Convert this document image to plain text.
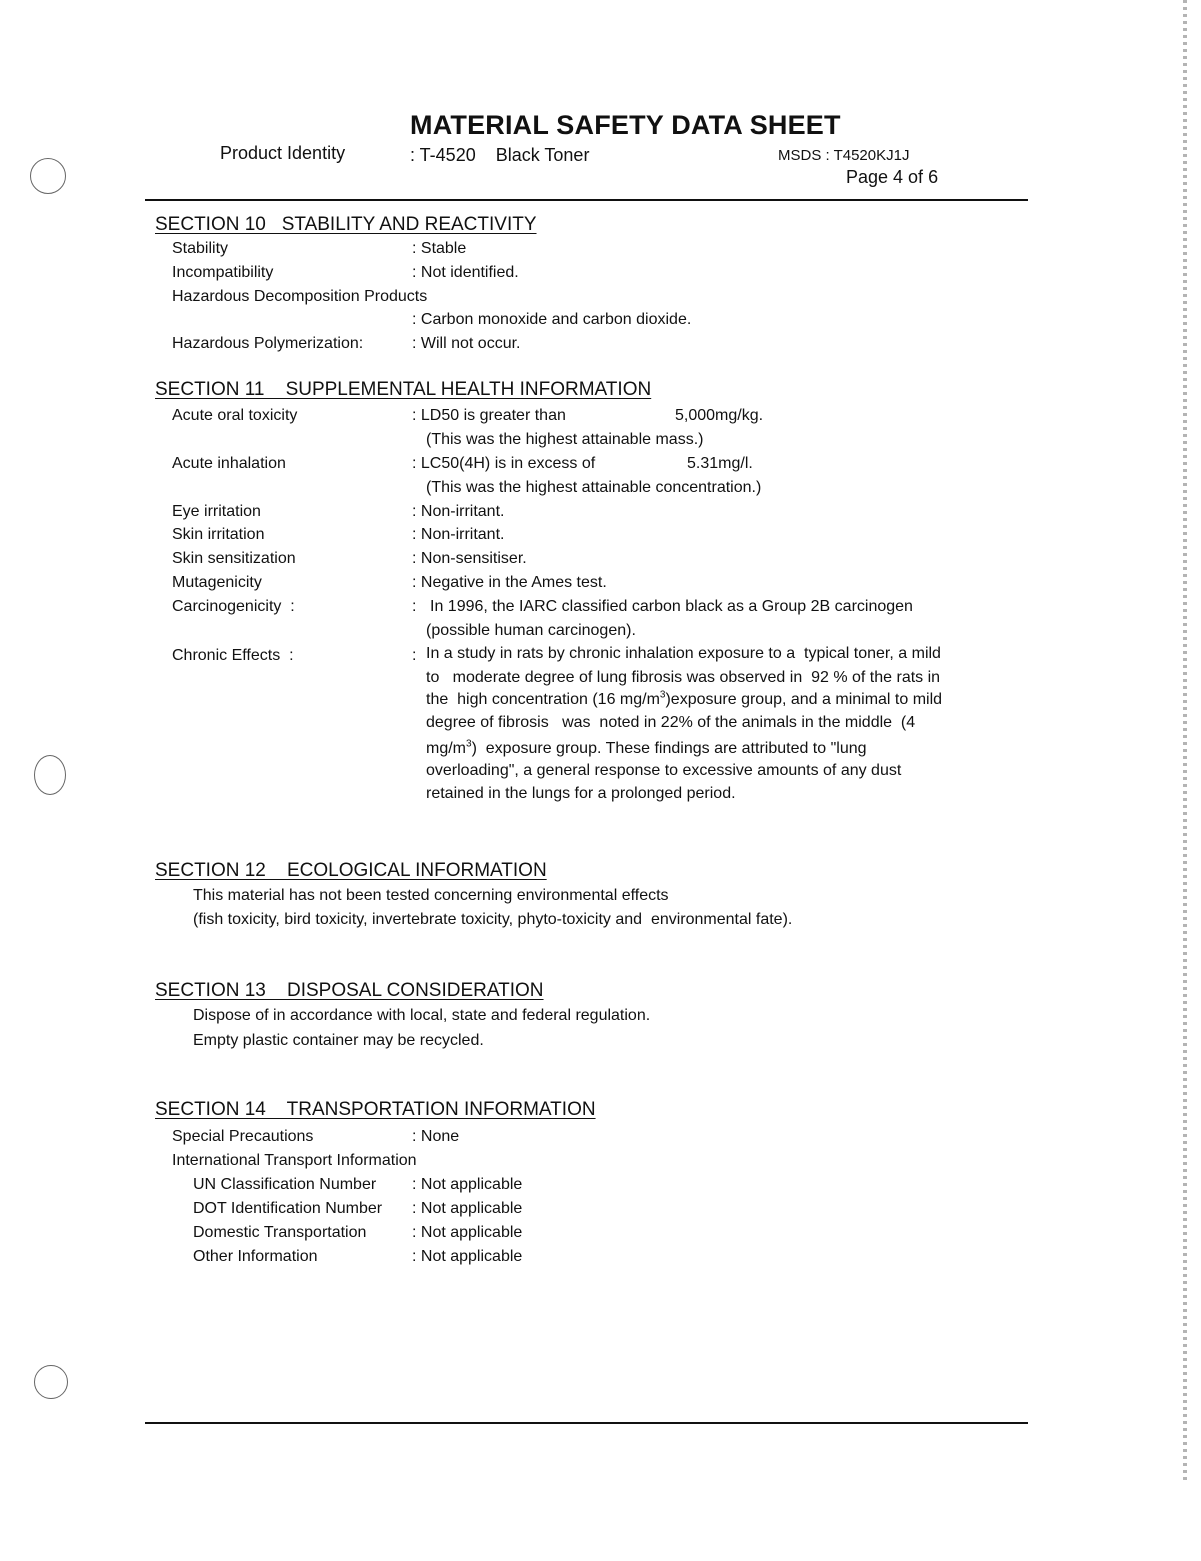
MATERIAL SAFETY DATA SHEET
Product Identity	: T-4520    Black Toner	MSDS : T4520KJ1J
Page 4 of 6
SECTION 10   STABILITY AND REACTIVITY
Stability	: Stable
Incompatibility	: Not identified.
Hazardous Decomposition Products
: Carbon monoxide and carbon dioxide.
Hazardous Polymerization:	: Will not occur.
SECTION 11    SUPPLEMENTAL HEALTH INFORMATION
Acute oral toxicity	: LD50 is greater than	5,000mg/kg.
(This was the highest attainable mass.)
Acute inhalation	: LC50(4H) is in excess of	5.31mg/l.
(This was the highest attainable concentration.)
Eye irritation	: Non-irritant.
Skin irritation	: Non-irritant.
Skin sensitization	: Non-sensitiser.
Mutagenicity	: Negative in the Ames test.
Carcinogenicity  :	: In 1996, the IARC classified carbon black as a Group 2B carcinogen
(possible human carcinogen).
Chronic Effects  :	: In a study in rats by chronic inhalation exposure to a  typical toner, a mild
to   moderate degree of lung fibrosis was observed in  92 % of the rats in
the  high concentration (16 $mg/m^3)exposure$ group, and a minimal to mild
degree of fibrosis   was  noted in 22% of the animals in the middle  (4
$mg/m^3$)  exposure group. These findings are attributed to "lung
overloading", a general response to excessive amounts of any dust
retained in the lungs for a prolonged period.
SECTION 12    ECOLOGICAL INFORMATION
This material has not been tested concerning environmental effects
(fish toxicity, bird toxicity, invertebrate toxicity, phyto-toxicity and  environmental fate).
SECTION 13    DISPOSAL CONSIDERATION
Dispose of in accordance with local, state and federal regulation.
Empty plastic container may be recycled.
SECTION 14    TRANSPORTATION INFORMATION
Special Precautions	: None
International Transport Information
UN Classification Number : Not applicable
DOT Identification Number : Not applicable
Domestic Transportation	: Not applicable
Other Information	: Not applicable
